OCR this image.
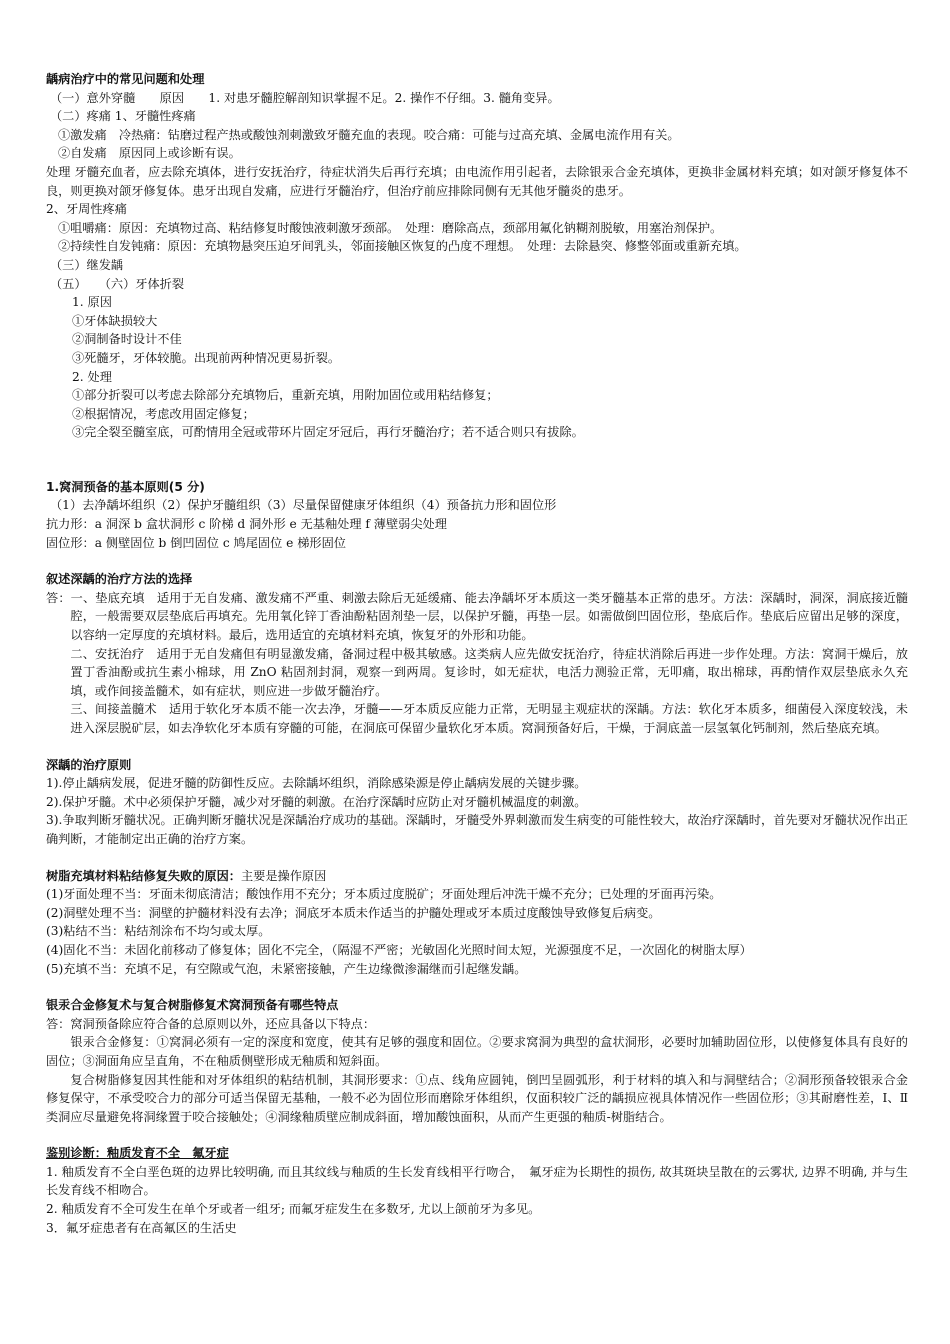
龋病治疗中的常见问题和处理
（一）意外穿髓　　原因　　1. 对患牙髓腔解剖知识掌握不足。2. 操作不仔细。3. 髓角变异。
（二）疼痛 1、牙髓性疼痛
①激发痛　冷热痛：钻磨过程产热或酸蚀剂刺激致牙髓充血的表现。咬合痛：可能与过高充填、金属电流作用有关。
②自发痛　原因同上或诊断有误。
处理 牙髓充血者，应去除充填体，进行安抚治疗，待症状消失后再行充填；由电流作用引起者，去除银汞合金充填体，更换非金属材料充填；如对颌牙修复体不良，则更换对颌牙修复体。患牙出现自发痛，应进行牙髓治疗，但治疗前应排除同侧有无其他牙髓炎的患牙。
2、牙周性疼痛
①咀嚼痛：原因：充填物过高、粘结修复时酸蚀液刺激牙颈部。　处理：磨除高点，颈部用氟化钠糊剂脱敏，用塞治剂保护。
②持续性自发钝痛：原因：充填物悬突压迫牙间乳头，邻面接触区恢复的凸度不理想。　处理：去除悬突、修整邻面或重新充填。
（三）继发龋
（五）　　（六）牙体折裂
1. 原因
①牙体缺损较大
②洞制备时设计不佳
③死髓牙，牙体较脆。出现前两种情况更易折裂。
2. 处理
①部分折裂可以考虑去除部分充填物后，重新充填，用附加固位或用粘结修复；
②根据情况，考虑改用固定修复；
③完全裂至髓室底，可酌情用全冠或带环片固定牙冠后，再行牙髓治疗；若不适合则只有拔除。
1.窝洞预备的基本原则(5 分)
（1）去净龋坏组织（2）保护牙髓组织（3）尽量保留健康牙体组织（4）预备抗力形和固位形
抗力形：a 洞深 b 盒状洞形 c 阶梯 d 洞外形 e 无基釉处理 f 薄壁弱尖处理
固位形：a 侧壁固位 b 倒凹固位 c 鸠尾固位 e 梯形固位
叙述深龋的治疗方法的选择
答：一、垫底充填　适用于无自发痛、激发痛不严重、刺激去除后无延缓痛、能去净龋坏牙本质这一类牙髓基本正常的患牙。方法：深龋时，洞深，洞底接近髓腔，一般需要双层垫底后再填充。先用氧化锌丁香油酚粘固剂垫一层，以保护牙髓，再垫一层。如需做倒凹固位形，垫底后作。垫底后应留出足够的深度，以容纳一定厚度的充填材料。最后，选用适宜的充填材料充填，恢复牙的外形和功能。
二、安抚治疗　适用于无自发痛但有明显激发痛，备洞过程中极其敏感。这类病人应先做安抚治疗，待症状消除后再进一步作处理。方法：窝洞干燥后，放置丁香油酚或抗生素小棉球，用 ZnO 粘固剂封洞，观察一到两周。复诊时，如无症状，电活力测验正常，无叩痛，取出棉球，再酌情作双层垫底永久充填，或作间接盖髓术，如有症状，则应进一步做牙髓治疗。
三、间接盖髓术　适用于软化牙本质不能一次去净，牙髓——牙本质反应能力正常，无明显主观症状的深龋。方法：软化牙本质多，细菌侵入深度较浅，未进入深层脱矿层，如去净软化牙本质有穿髓的可能，在洞底可保留少量软化牙本质。窝洞预备好后，干燥，于洞底盖一层氢氧化钙制剂，然后垫底充填。
深龋的治疗原则
1).停止龋病发展，促进牙髓的防御性反应。去除龋坏组织，消除感染源是停止龋病发展的关键步骤。
2).保护牙髓。术中必须保护牙髓，减少对牙髓的刺激。在治疗深龋时应防止对牙髓机械温度的刺激。
3).争取判断牙髓状况。正确判断牙髓状况是深龋治疗成功的基础。深龋时，牙髓受外界刺激而发生病变的可能性较大，故治疗深龋时，首先要对牙髓状况作出正确判断，才能制定出正确的治疗方案。
树脂充填材料粘结修复失败的原因：主要是操作原因
(1)牙面处理不当：牙面未彻底清洁；酸蚀作用不充分；牙本质过度脱矿；牙面处理后冲洗干燥不充分；已处理的牙面再污染。
(2)洞壁处理不当：洞壁的护髓材料没有去净；洞底牙本质未作适当的护髓处理或牙本质过度酸蚀导致修复后病变。
(3)粘结不当：粘结剂涂布不均匀或太厚。
(4)固化不当：未固化前移动了修复体；固化不完全，（隔湿不严密；光敏固化光照时间太短，光源强度不足，一次固化的树脂太厚）
(5)充填不当：充填不足，有空隙或气泡，未紧密接触，产生边缘微渗漏继而引起继发龋。
银汞合金修复术与复合树脂修复术窝洞预备有哪些特点
答：窝洞预备除应符合备的总原则以外，还应具备以下特点：
银汞合金修复：①窝洞必须有一定的深度和宽度，使其有足够的强度和固位。②要求窝洞为典型的盒状洞形，必要时加辅助固位形，以使修复体具有良好的固位；③洞面角应呈直角，不在釉质侧壁形成无釉质和短斜面。
复合树脂修复因其性能和对牙体组织的粘结机制，其洞形要求：①点、线角应圆钝，倒凹呈圆弧形，利于材料的填入和与洞壁结合；②洞形预备较银汞合金修复保守，不承受咬合力的部分可适当保留无基釉，一般不必为固位形而磨除牙体组织，仅面积较广泛的龋损应视具体情况作一些固位形；③其耐磨性差，Ⅰ、Ⅱ类洞应尽量避免将洞缘置于咬合接触处；④洞缘釉质壁应制成斜面，增加酸蚀面积，从而产生更强的釉质-树脂结合。
鉴别诊断：釉质发育不全　氟牙症
1. 釉质发育不全白垩色斑的边界比较明确, 而且其纹线与釉质的生长发育线相平行吻合，　氟牙症为长期性的损伤, 故其斑块呈散在的云雾状, 边界不明确, 并与生长发育线不相吻合。
2. 釉质发育不全可发生在单个牙或者一组牙; 而氟牙症发生在多数牙, 尤以上颌前牙为多见。
3．氟牙症患者有在高氟区的生活史
